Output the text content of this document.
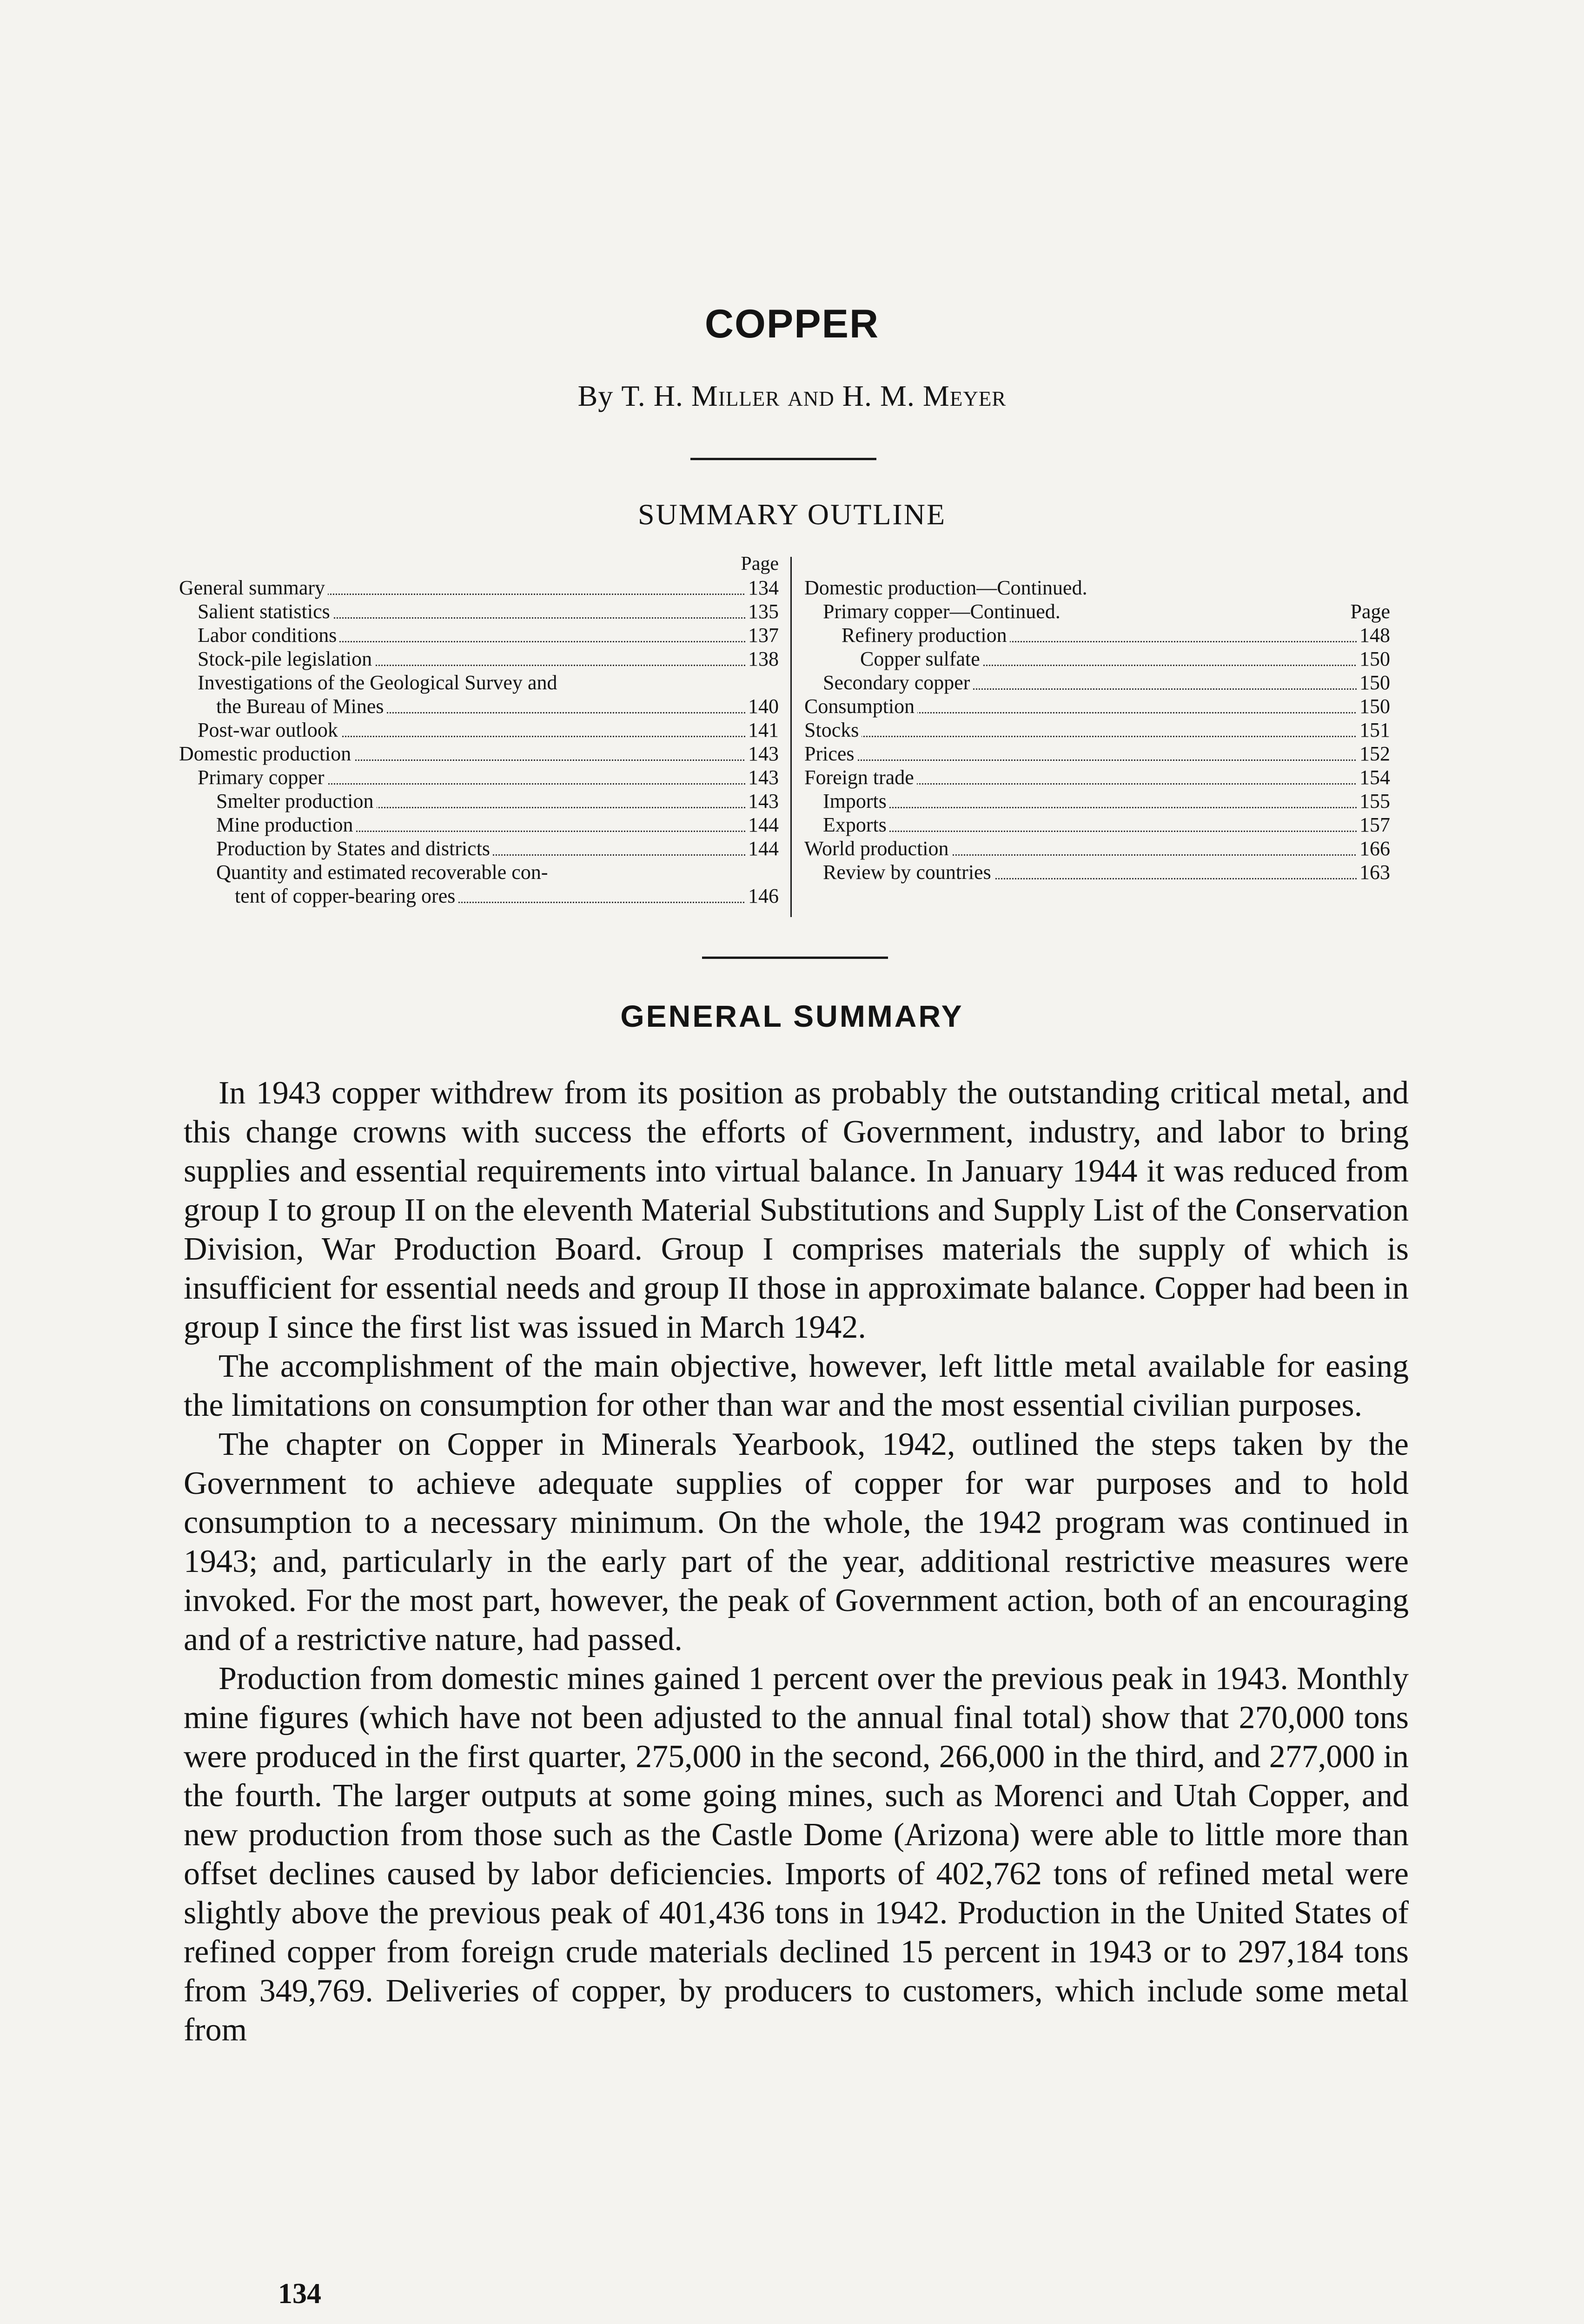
COPPER
By T. H. Miller and H. M. Meyer
SUMMARY OUTLINE
Page
General summary	134
Salient statistics	135
Labor conditions	137
Stock-pile legislation	138
Investigations of the Geological Survey and
the Bureau of Mines	140
Post-war outlook	141
Domestic production	143
Primary copper	143
Smelter production	143
Mine production	144
Production by States and districts	144
Quantity and estimated recoverable con-
tent of copper-bearing ores	146
Domestic production—Continued.
Primary copper—Continued.	Page
Refinery production	148
Copper sulfate	150
Secondary copper	150
Consumption	150
Stocks	151
Prices	152
Foreign trade	154
Imports	155
Exports	157
World production	166
Review by countries	163
GENERAL SUMMARY

In 1943 copper withdrew from its position as probably the outstanding critical metal, and this change crowns with success the efforts of Government, industry, and labor to bring supplies and essential requirements into virtual balance. In January 1944 it was reduced from group I to group II on the eleventh Material Substitutions and Supply List of the Conservation Division, War Production Board. Group I comprises materials the supply of which is insufficient for essential needs and group II those in approximate balance. Copper had been in group I since the first list was issued in March 1942.

The accomplishment of the main objective, however, left little metal available for easing the limitations on consumption for other than war and the most essential civilian purposes.

The chapter on Copper in Minerals Yearbook, 1942, outlined the steps taken by the Government to achieve adequate supplies of copper for war purposes and to hold consumption to a necessary minimum. On the whole, the 1942 program was continued in 1943; and, particularly in the early part of the year, additional restrictive measures were invoked. For the most part, however, the peak of Government action, both of an encouraging and of a restrictive nature, had passed.

Production from domestic mines gained 1 percent over the previous peak in 1943. Monthly mine figures (which have not been adjusted to the annual final total) show that 270,000 tons were produced in the first quarter, 275,000 in the second, 266,000 in the third, and 277,000 in the fourth. The larger outputs at some going mines, such as Morenci and Utah Copper, and new production from those such as the Castle Dome (Arizona) were able to little more than offset declines caused by labor deficiencies. Imports of 402,762 tons of refined metal were slightly above the previous peak of 401,436 tons in 1942. Production in the United States of refined copper from foreign crude materials declined 15 percent in 1943 or to 297,184 tons from 349,769. Deliveries of copper, by producers to customers, which include some metal from

134
